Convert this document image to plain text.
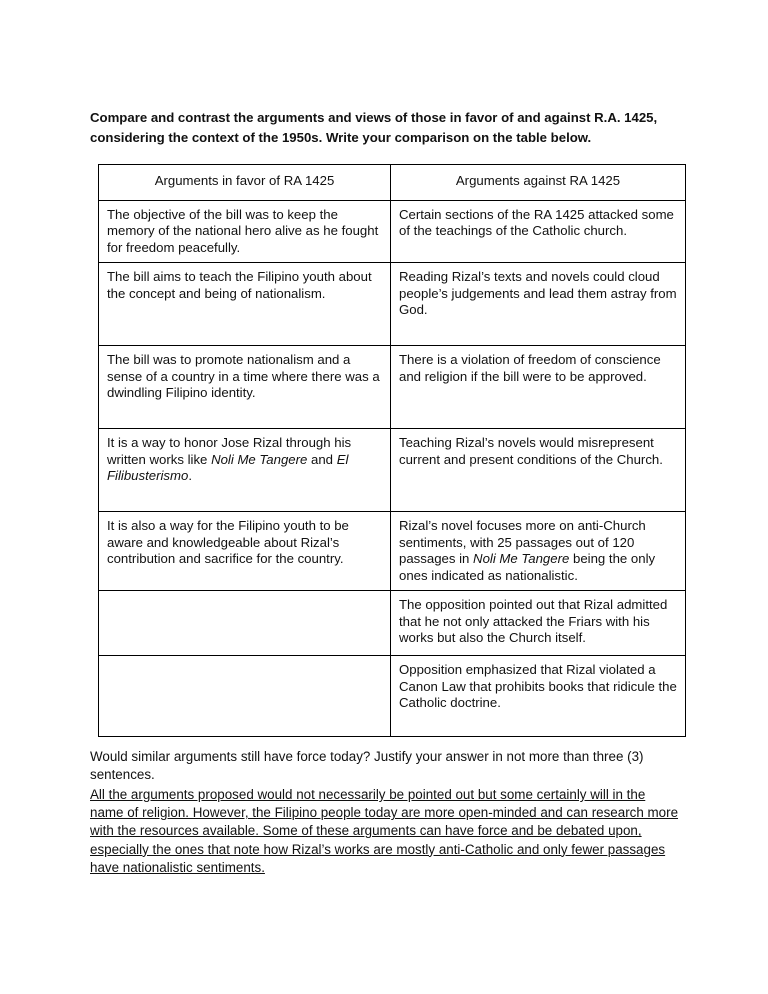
Compare and contrast the arguments and views of those in favor of and against R.A. 1425, considering the context of the 1950s. Write your comparison on the table below.
Arguments in favor of RA 1425	Arguments against RA 1425
The objective of the bill was to keep the memory of the national hero alive as he fought for freedom peacefully.	Certain sections of the RA 1425 attacked some of the teachings of the Catholic church.
The bill aims to teach the Filipino youth about the concept and being of nationalism.	Reading Rizal’s texts and novels could cloud people’s judgements and lead them astray from God.
The bill was to promote nationalism and a sense of a country in a time where there was a dwindling Filipino identity.	There is a violation of freedom of conscience and religion if the bill were to be approved.
It is a way to honor Jose Rizal through his written works like Noli Me Tangere and El Filibusterismo.	Teaching Rizal’s novels would misrepresent current and present conditions of the Church.
It is also a way for the Filipino youth to be aware and knowledgeable about Rizal’s contribution and sacrifice for the country.	Rizal’s novel focuses more on anti-Church sentiments, with 25 passages out of 120 passages in Noli Me Tangere being the only ones indicated as nationalistic.
	The opposition pointed out that Rizal admitted that he not only attacked the Friars with his works but also the Church itself.
	Opposition emphasized that Rizal violated a Canon Law that prohibits books that ridicule the Catholic doctrine.
Would similar arguments still have force today? Justify your answer in not more than three (3) sentences.
All the arguments proposed would not necessarily be pointed out but some certainly will in the name of religion. However, the Filipino people today are more open-minded and can research more with the resources available. Some of these arguments can have force and be debated upon, especially the ones that note how Rizal’s works are mostly anti-Catholic and only fewer passages have nationalistic sentiments.
